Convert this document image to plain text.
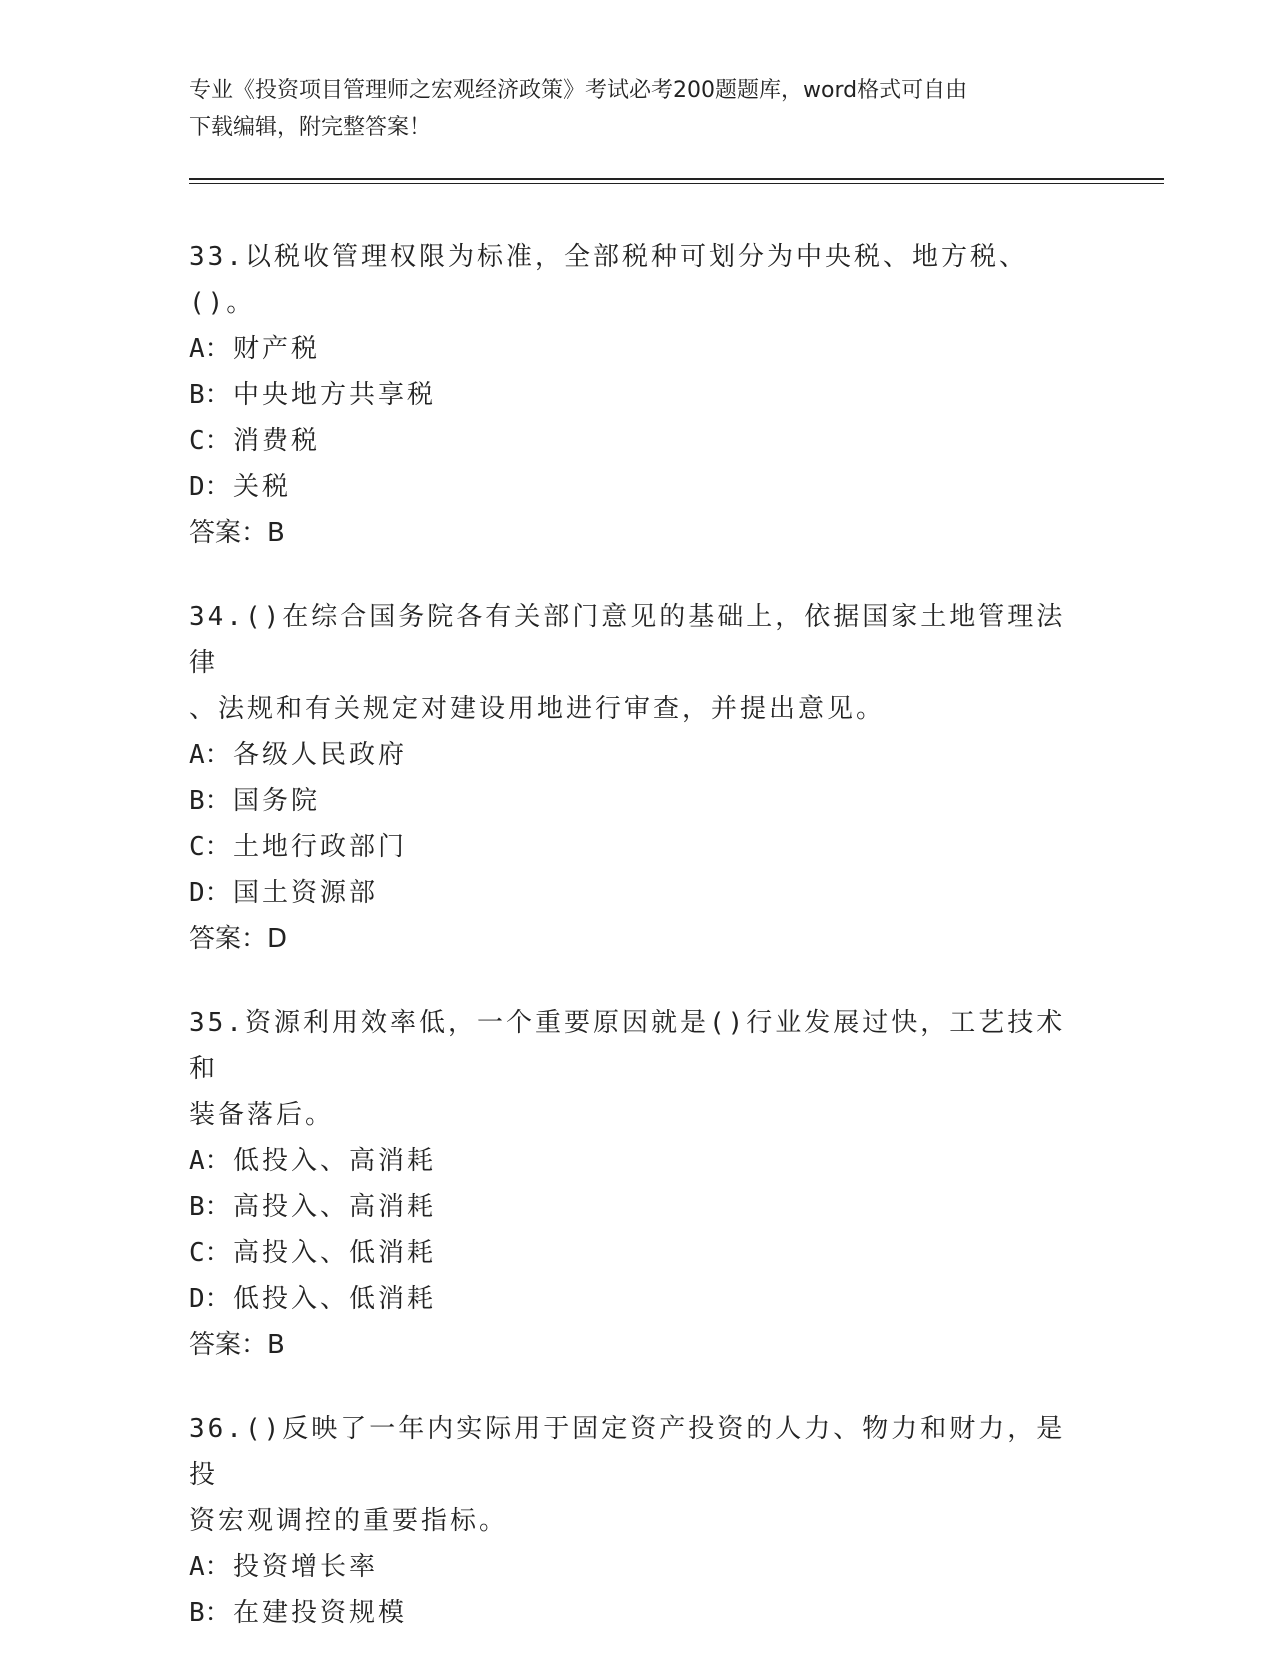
专业《投资项目管理师之宏观经济政策》考试必考200题题库，word格式可自由
下载编辑，附完整答案！
33.以税收管理权限为标准，全部税种可划分为中央税、地方税、()。
A：财产税
B：中央地方共享税
C：消费税
D：关税
答案：B
34.()在综合国务院各有关部门意见的基础上，依据国家土地管理法律
、法规和有关规定对建设用地进行审查，并提出意见。
A：各级人民政府
B：国务院
C：土地行政部门
D：国土资源部
答案：D
35.资源利用效率低，一个重要原因就是()行业发展过快，工艺技术和
装备落后。
A：低投入、高消耗
B：高投入、高消耗
C：高投入、低消耗
D：低投入、低消耗
答案：B
36.()反映了一年内实际用于固定资产投资的人力、物力和财力，是投
资宏观调控的重要指标。
A：投资增长率
B：在建投资规模
